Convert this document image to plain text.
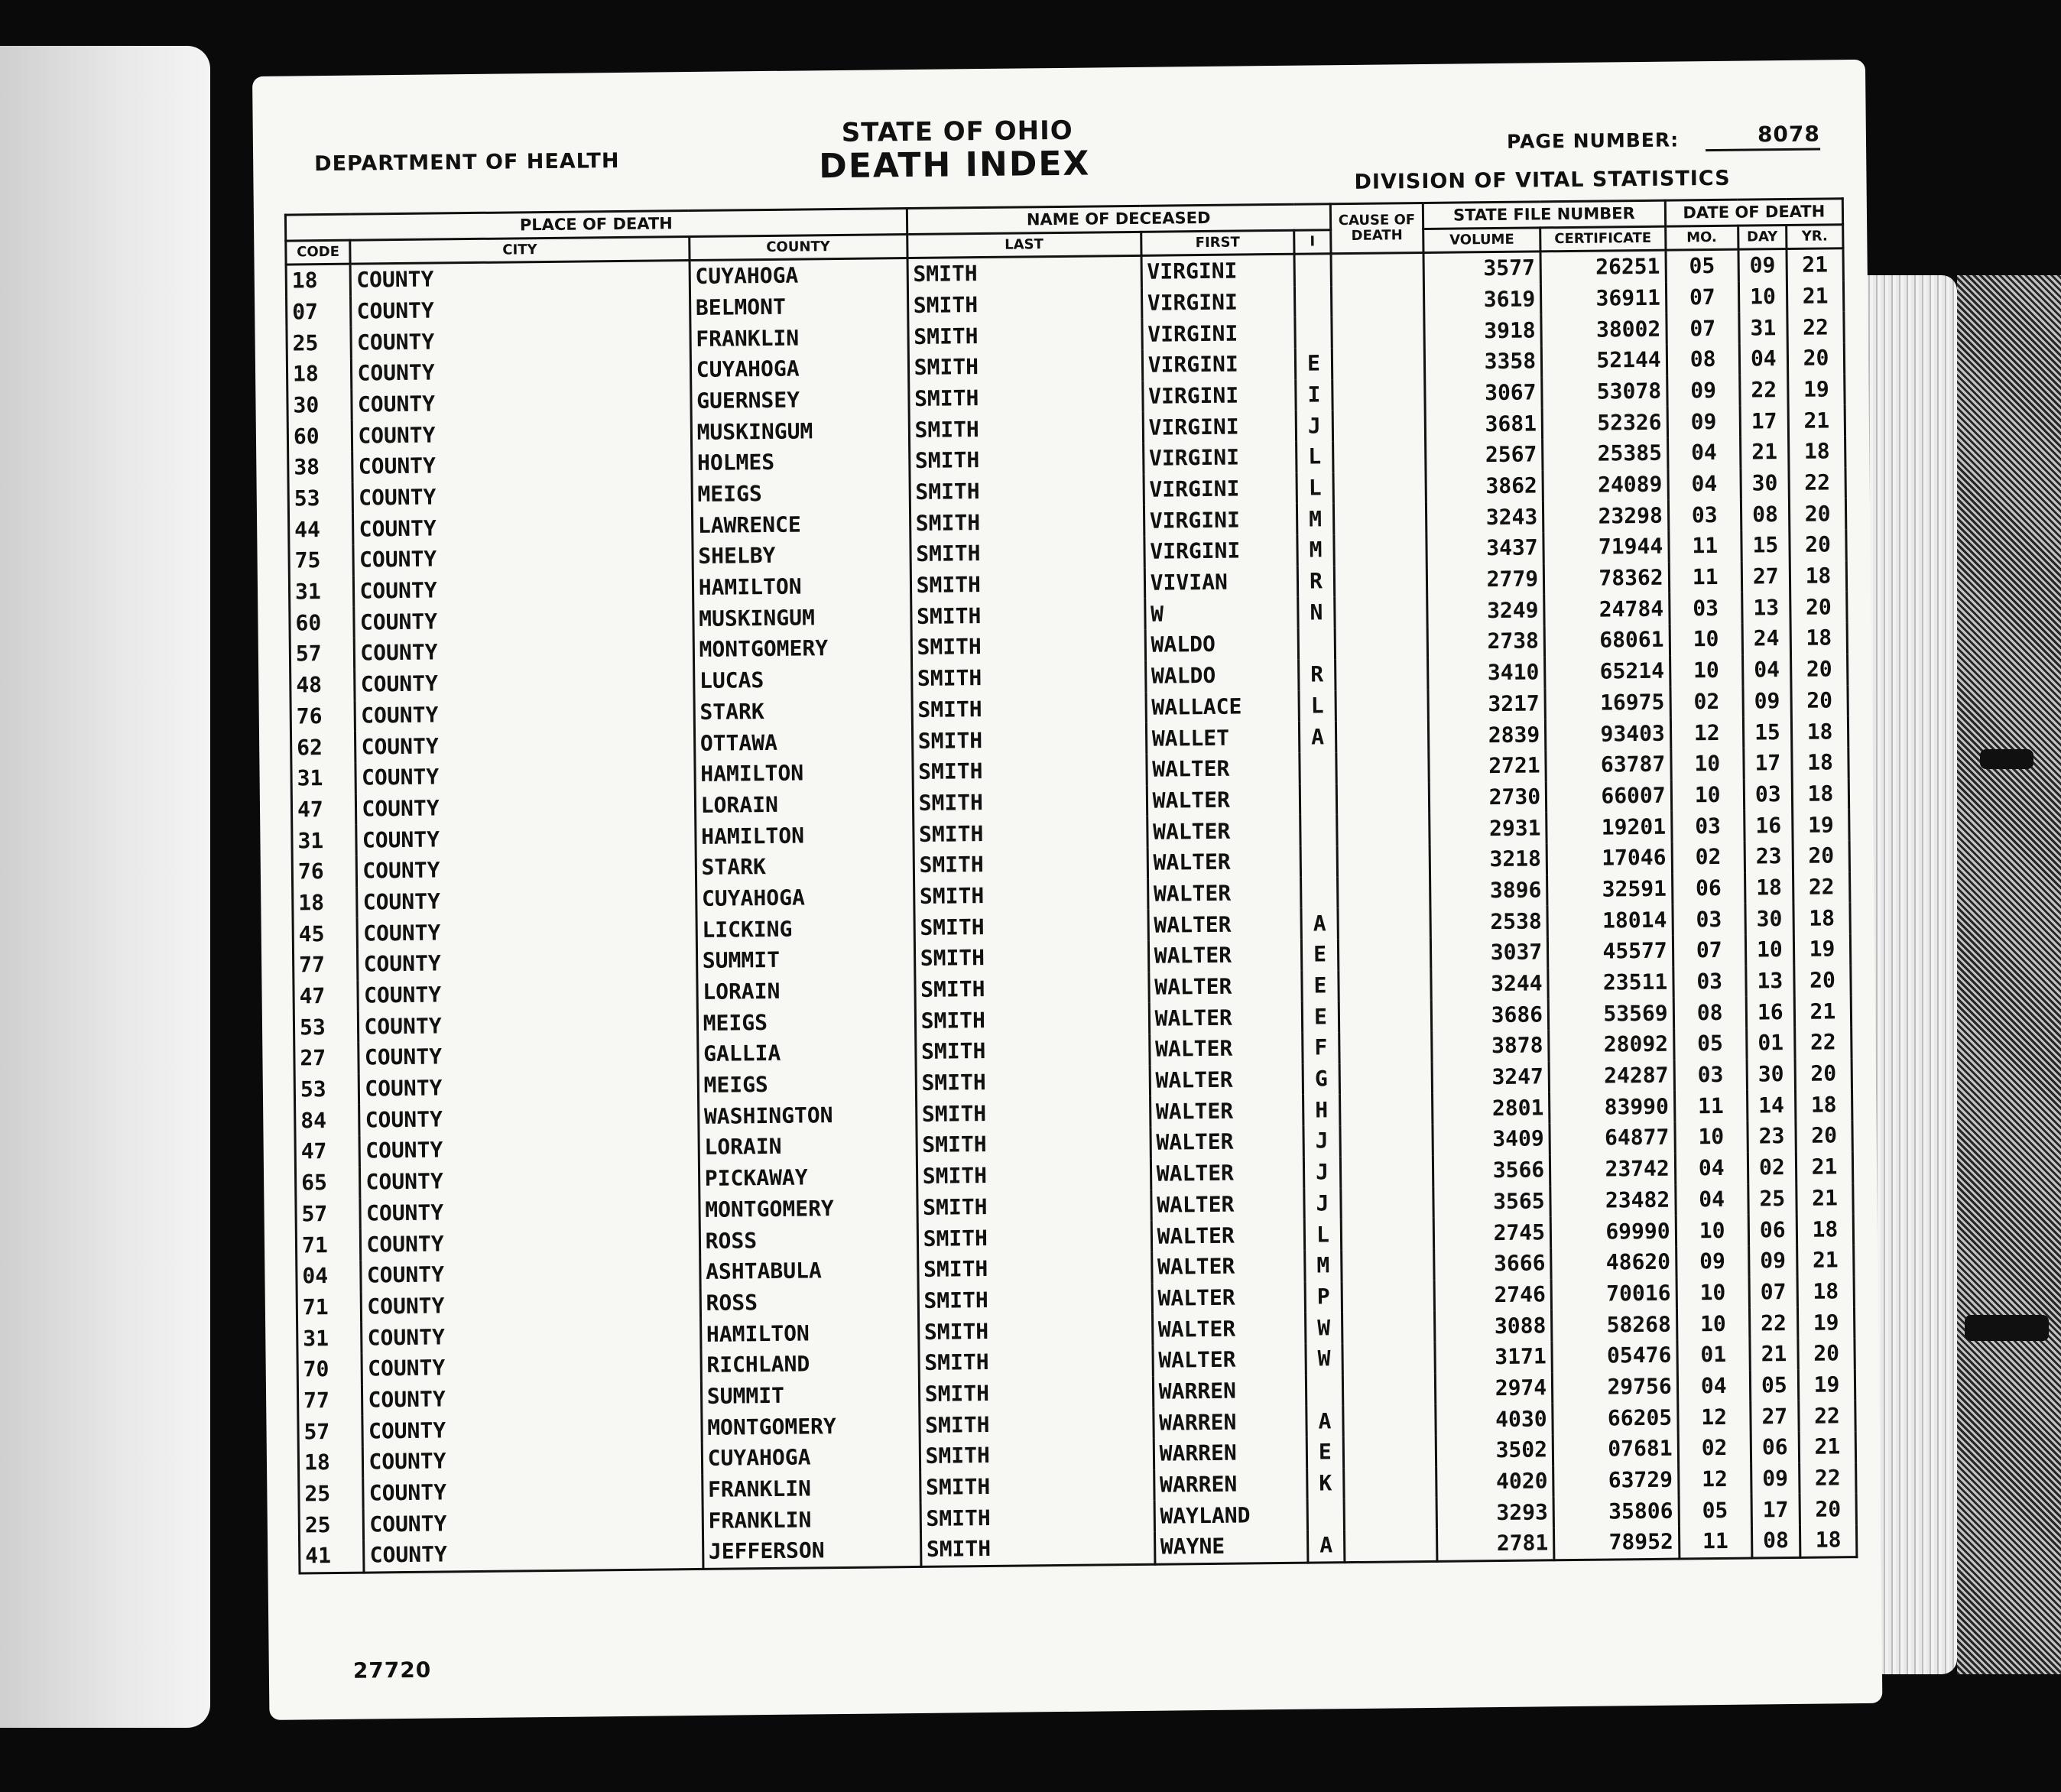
DEPARTMENT OF HEALTH
STATE OF OHIO
DEATH INDEX
PAGE NUMBER:	8078
DIVISION OF VITAL STATISTICS
PLACE OF DEATH			NAME OF DECEASED			CAUSE OF DEATH	STATE FILE NUMBER		DATE OF DEATH		
CODE	CITY	COUNTY	LAST	FIRST	I		VOLUME	CERTIFICATE	MO.	DAY	YR.
18	COUNTY	CUYAHOGA	SMITH	VIRGINI			3577	26251	05	09	21
07	COUNTY	BELMONT	SMITH	VIRGINI			3619	36911	07	10	21
25	COUNTY	FRANKLIN	SMITH	VIRGINI			3918	38002	07	31	22
18	COUNTY	CUYAHOGA	SMITH	VIRGINI	E		3358	52144	08	04	20
30	COUNTY	GUERNSEY	SMITH	VIRGINI	I		3067	53078	09	22	19
60	COUNTY	MUSKINGUM	SMITH	VIRGINI	J		3681	52326	09	17	21
38	COUNTY	HOLMES	SMITH	VIRGINI	L		2567	25385	04	21	18
53	COUNTY	MEIGS	SMITH	VIRGINI	L		3862	24089	04	30	22
44	COUNTY	LAWRENCE	SMITH	VIRGINI	M		3243	23298	03	08	20
75	COUNTY	SHELBY	SMITH	VIRGINI	M		3437	71944	11	15	20
31	COUNTY	HAMILTON	SMITH	VIVIAN	R		2779	78362	11	27	18
60	COUNTY	MUSKINGUM	SMITH	W	N		3249	24784	03	13	20
57	COUNTY	MONTGOMERY	SMITH	WALDO			2738	68061	10	24	18
48	COUNTY	LUCAS	SMITH	WALDO	R		3410	65214	10	04	20
76	COUNTY	STARK	SMITH	WALLACE	L		3217	16975	02	09	20
62	COUNTY	OTTAWA	SMITH	WALLET	A		2839	93403	12	15	18
31	COUNTY	HAMILTON	SMITH	WALTER			2721	63787	10	17	18
47	COUNTY	LORAIN	SMITH	WALTER			2730	66007	10	03	18
31	COUNTY	HAMILTON	SMITH	WALTER			2931	19201	03	16	19
76	COUNTY	STARK	SMITH	WALTER			3218	17046	02	23	20
18	COUNTY	CUYAHOGA	SMITH	WALTER			3896	32591	06	18	22
45	COUNTY	LICKING	SMITH	WALTER	A		2538	18014	03	30	18
77	COUNTY	SUMMIT	SMITH	WALTER	E		3037	45577	07	10	19
47	COUNTY	LORAIN	SMITH	WALTER	E		3244	23511	03	13	20
53	COUNTY	MEIGS	SMITH	WALTER	E		3686	53569	08	16	21
27	COUNTY	GALLIA	SMITH	WALTER	F		3878	28092	05	01	22
53	COUNTY	MEIGS	SMITH	WALTER	G		3247	24287	03	30	20
84	COUNTY	WASHINGTON	SMITH	WALTER	H		2801	83990	11	14	18
47	COUNTY	LORAIN	SMITH	WALTER	J		3409	64877	10	23	20
65	COUNTY	PICKAWAY	SMITH	WALTER	J		3566	23742	04	02	21
57	COUNTY	MONTGOMERY	SMITH	WALTER	J		3565	23482	04	25	21
71	COUNTY	ROSS	SMITH	WALTER	L		2745	69990	10	06	18
04	COUNTY	ASHTABULA	SMITH	WALTER	M		3666	48620	09	09	21
71	COUNTY	ROSS	SMITH	WALTER	P		2746	70016	10	07	18
31	COUNTY	HAMILTON	SMITH	WALTER	W		3088	58268	10	22	19
70	COUNTY	RICHLAND	SMITH	WALTER	W		3171	05476	01	21	20
77	COUNTY	SUMMIT	SMITH	WARREN			2974	29756	04	05	19
57	COUNTY	MONTGOMERY	SMITH	WARREN	A		4030	66205	12	27	22
18	COUNTY	CUYAHOGA	SMITH	WARREN	E		3502	07681	02	06	21
25	COUNTY	FRANKLIN	SMITH	WARREN	K		4020	63729	12	09	22
25	COUNTY	FRANKLIN	SMITH	WAYLAND			3293	35806	05	17	20
41	COUNTY	JEFFERSON	SMITH	WAYNE	A		2781	78952	11	08	18
27720
